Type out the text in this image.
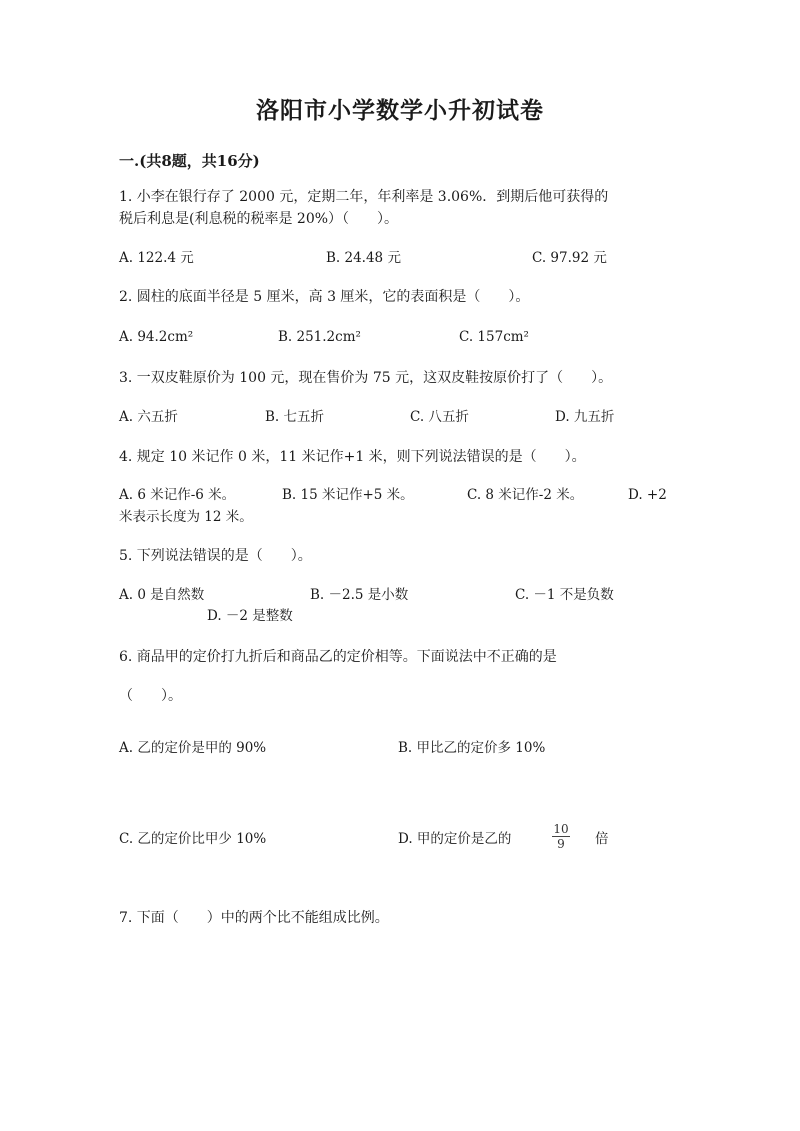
洛阳市小学数学小升初试卷
一.(共8题，共16分)
1. 小李在银行存了 2000 元，定期二年，年利率是 3.06%．到期后他可获得的
税后利息是(利息税的税率是 20%）（　　）。
A. 122.4 元	B. 24.48 元	C. 97.92 元
2. 圆柱的底面半径是 5 厘米，高 3 厘米，它的表面积是（　　）。
A. 94.2cm²	B. 251.2cm²	C. 157cm²
3. 一双皮鞋原价为 100 元，现在售价为 75 元，这双皮鞋按原价打了（　　）。
A. 六五折	B. 七五折	C. 八五折	D. 九五折
4. 规定 10 米记作 0 米，11 米记作+1 米，则下列说法错误的是（　　）。
A. 6 米记作-6 米。	B. 15 米记作+5 米。	C. 8 米记作-2 米。	D. +2
米表示长度为 12 米。
5. 下列说法错误的是（　　）。
A. 0 是自然数	B. －2.5 是小数	C. －1 不是负数
D. －2 是整数
6. 商品甲的定价打九折后和商品乙的定价相等。下面说法中不正确的是
（　　）。
A. 乙的定价是甲的 90%	B. 甲比乙的定价多 10%
C. 乙的定价比甲少 10%	D. 甲的定价是乙的	$\frac{10}{9}$ 倍
7. 下面（　　）中的两个比不能组成比例。
